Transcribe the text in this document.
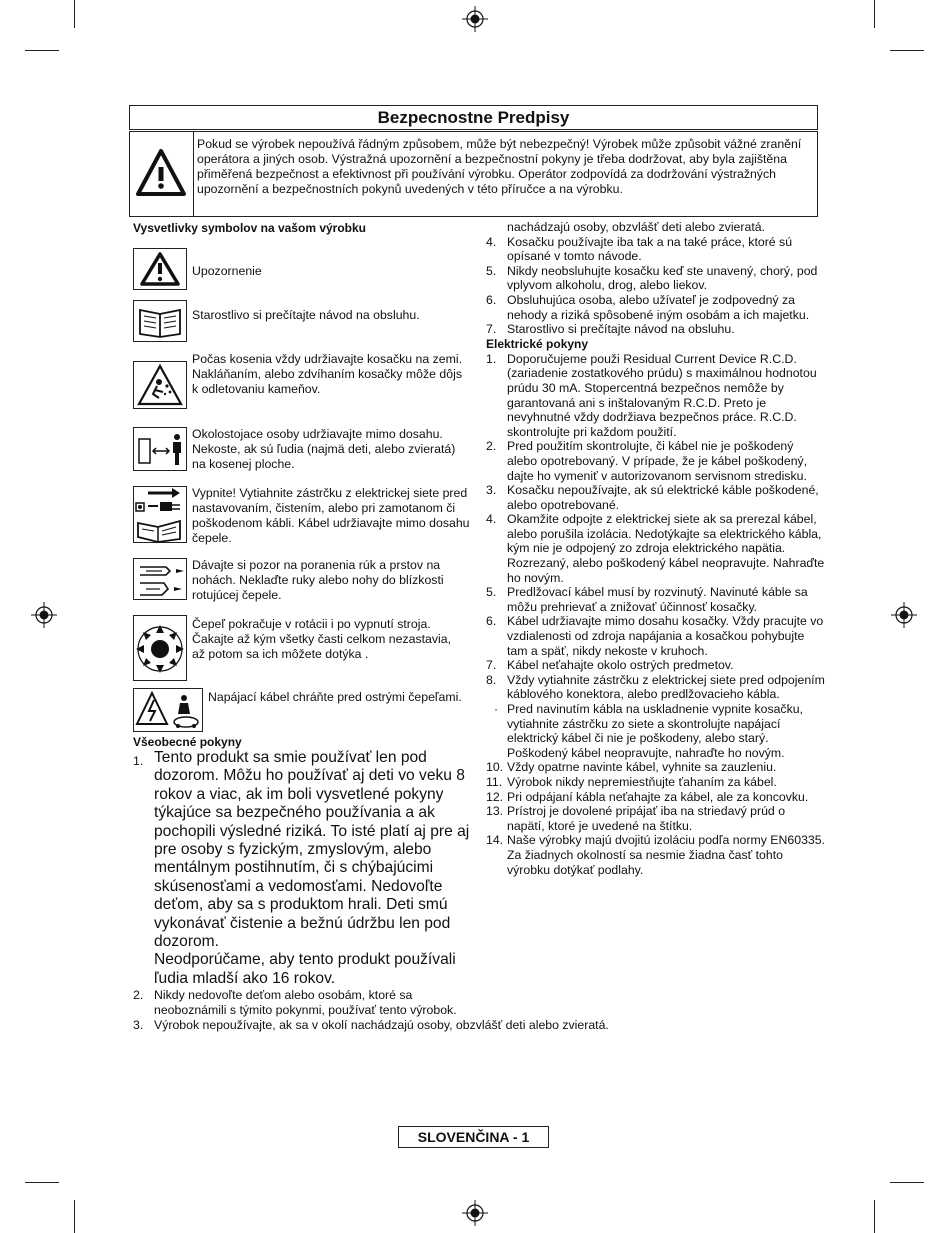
Bezpecnostne Predpisy
Pokud se výrobek nepoužívá řádným způsobem, může být nebezpečný! Výrobek může způsobit vážné zranění operátora a jiných osob. Výstražná upozornění a bezpečnostní pokyny je třeba dodržovat, aby byla zajištěna přiměřená bezpečnost a efektivnost při používání výrobku. Operátor zodpovídá za dodržování výstražných upozornění a bezpečnostních pokynů uvedených v této příručce a na výrobku.
Vysvetlivky symbolov na vašom výrobku
Upozornenie
Starostlivo si prečítajte návod na obsluhu.
Počas kosenia vždy udržiavajte kosačku na zemi. Nakláňaním, alebo zdvíhaním kosačky môže dôjs k odletovaniu kameňov.
Okolostojace osoby udržiavajte mimo dosahu. Nekoste, ak sú ľudia (najmä deti, alebo zvieratá) na kosenej ploche.
Vypnite! Vytiahnite zástrčku z elektrickej siete pred nastavovaním, čistením, alebo pri zamotanom či poškodenom kábli. Kábel udržiavajte mimo dosahu čepele.
Dávajte si pozor na poranenia rúk a prstov na nohách. Neklaďte ruky alebo nohy do blízkosti rotujúcej čepele.
Čepeľ pokračuje v rotácii i po vypnutí stroja. Čakajte až kým všetky časti celkom nezastavia, až potom sa ich môžete dotýka .
Napájací kábel chráňte pred ostrými čepeľami.
Všeobecné pokyny
1. Tento produkt sa smie používať len pod dozorom. Môžu ho používať aj deti vo veku 8 rokov a viac, ak im boli vysvetlené pokyny týkajúce sa bezpečného používania a ak pochopili výsledné riziká. To isté platí aj pre aj pre osoby s fyzickým, zmyslovým, alebo mentálnym postihnutím, či s chýbajúcimi skúsenosťami a vedomosťami. Nedovoľte deťom, aby sa s produktom hrali. Deti smú vykonávať čistenie a bežnú údržbu len pod dozorom.
Neodporúčame, aby tento produkt používali ľudia mladší ako 16 rokov.
2. Nikdy nedovoľte deťom alebo osobám, ktoré sa neoboznámili s týmito pokynmi, používať tento výrobok.
3. Výrobok nepoužívajte, ak sa v okolí nachádzajú osoby, obzvlášť deti alebo zvieratá.
nachádzajú osoby, obzvlášť deti alebo zvieratá.
4. Kosačku používajte iba tak a na také práce, ktoré sú opísané v tomto návode.
5. Nikdy neobsluhujte kosačku keď ste unavený, chorý, pod vplyvom alkoholu, drog, alebo liekov.
6. Obsluhujúca osoba, alebo užívateľ je zodpovedný za nehody a riziká spôsobené iným osobám a ich majetku.
7. Starostlivo si prečítajte návod na obsluhu.
Elektrické pokyny
1. Doporučujeme použi Residual Current Device R.C.D. (zariadenie zostatkového prúdu) s maximálnou hodnotou prúdu 30 mA. Stopercentná bezpečnos nemôže by garantovaná ani s inštalovaným R.C.D. Preto je nevyhnutné vždy dodržiava bezpečnos práce. R.C.D. skontrolujte pri každom použití.
2. Pred použitím skontrolujte, či kábel nie je poškodený alebo opotrebovaný. V prípade, že je kábel poškodený, dajte ho vymeniť v autorizovanom servisnom stredisku.
3. Kosačku nepoužívajte, ak sú elektrické káble poškodené, alebo opotrebované.
4. Okamžite odpojte z elektrickej siete ak sa prerezal kábel, alebo porušila izolácia. Nedotýkajte sa elektrického kábla, kým nie je odpojený zo zdroja elektrického napätia. Rozrezaný, alebo poškodený kábel neopravujte. Nahraďte ho novým.
5. Predlžovací kábel musí by rozvinutý. Navinuté káble sa môžu prehrievať a znižovať účinnosť kosačky.
6. Kábel udržiavajte mimo dosahu kosačky. Vždy pracujte vo vzdialenosti od zdroja napájania a kosačkou pohybujte tam a späť, nikdy nekoste v kruhoch.
7. Kábel neťahajte okolo ostrých predmetov.
8. Vždy vytiahnite zástrčku z elektrickej siete pred odpojením káblového konektora, alebo predlžovacieho kábla.
· Pred navinutím kábla na uskladnenie vypnite kosačku, vytiahnite zástrčku zo siete a skontrolujte napájací elektrický kábel či nie je poškodeny, alebo starý. Poškodený kábel neopravujte, nahraďte ho novým.
10. Vždy opatrne navinte kábel, vyhnite sa zauzleniu.
11. Výrobok nikdy nepremiestňujte ťahaním za kábel.
12. Pri odpájaní kábla neťahajte za kábel, ale za koncovku.
13. Prístroj je dovolené pripájať iba na striedavý prúd o napätí, ktoré je uvedené na štítku.
14. Naše výrobky majú dvojitú izoláciu podľa normy EN60335. Za žiadnych okolností sa nesmie žiadna časť tohto výrobku dotýkať podlahy.
SLOVENČINA - 1
